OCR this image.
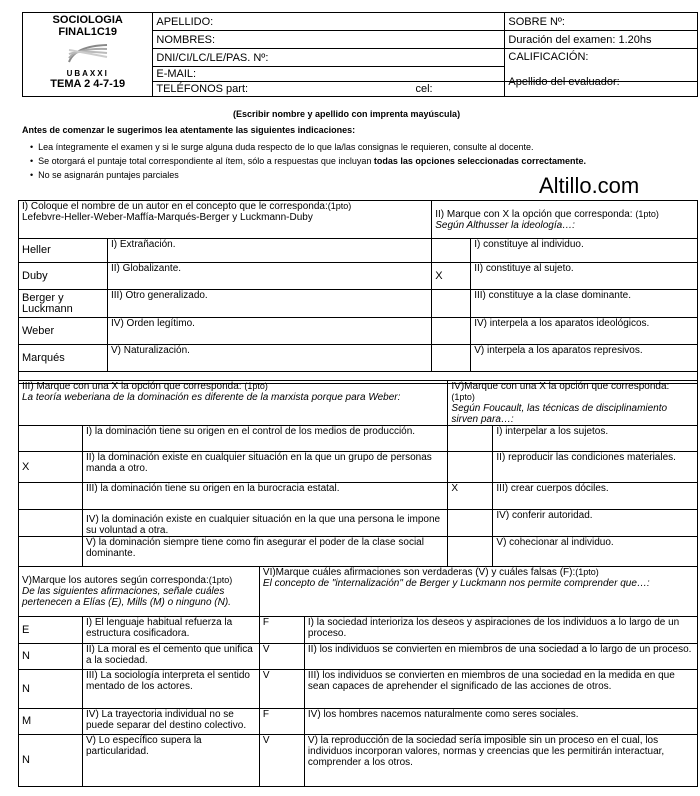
SOCIOLOGIA
FINAL1C19
UBAXXI
TEMA 2 4-7-19	APELLIDO:	SOBRE Nº:
	NOMBRES:	Duración del examen: 1.20hs
	DNI/CI/LC/LE/PAS. Nº:	CALIFICACIÓN:
	E-MAIL:	
	TELÉFONOS part: cel:	Apellido del evaluador:
(Escribir nombre y apellido con imprenta mayúscula)
Antes de comenzar le sugerimos lea atentamente las siguientes indicaciones:
•  Lea íntegramente el examen y si le surge alguna duda respecto de lo que la/las consignas le requieren, consulte al docente.
•  Se otorgará el puntaje total correspondiente al ítem, sólo a respuestas que incluyan todas las opciones seleccionadas correctamente.
•  No se asignarán puntajes parciales	Altillo.com
I) Coloque el nombre de un autor en el concepto que le corresponda:(1pto)
Lefebvre-Heller-Weber-Maffía-Marqués-Berger y Luckmann-Duby		II) Marque con X la opción que corresponda: (1pto)
Según Althusser la ideología…:	
Heller	I) Extrañación.		I) constituye al individuo.
Duby	II) Globalizante.	X	II) constituye al sujeto.
Berger y Luckmann	III) Otro generalizado.		III) constituye a la clase dominante.
Weber	IV) Orden legítimo.		IV) interpela a los aparatos ideológicos.
Marqués	V) Naturalización.		V) interpela a los aparatos represivos.

III) Marque con una X la opción que corresponda: (1pto)
La teoría weberiana de la dominación es diferente de la marxista porque para Weber:		IV)Marque con una X la opción que corresponda: (1pto)
Según Foucault, las técnicas de disciplinamiento sirven para…:	
	I) la dominación tiene su origen en el control de los medios de producción.		I) interpelar a los sujetos.
X	II) la dominación existe en cualquier situación en la que un grupo de personas manda a otro.		II) reproducir las condiciones materiales.
	III) la dominación tiene su origen en la burocracia estatal.	X	III) crear cuerpos dóciles.
	IV) la dominación existe en cualquier situación en la que una persona le impone su voluntad a otra.		IV) conferir autoridad.
	V) la dominación siempre tiene como fin asegurar el poder de la clase social dominante.		V) cohecionar al individuo.
V)Marque los autores según corresponda:(1pto)
De las siguientes afirmaciones, señale cuáles pertenecen a Elías (E), Mills (M) o ninguno (N).		VI)Marque cuáles afirmaciones son verdaderas (V) y cuáles falsas (F):(1pto)
El concepto de "internalización" de Berger y Luckmann nos permite comprender que…:	
E	I) El lenguaje habitual refuerza la estructura cosificadora.	F	I) la sociedad interioriza los deseos y aspiraciones de los individuos a lo largo de un proceso.
N	II) La moral es el cemento que unifica a la sociedad.	V	II) los individuos se convierten en miembros de una sociedad a lo largo de un proceso.
N	III) La sociología interpreta el sentido mentado de los actores.	V	III) los individuos se convierten en miembros de una sociedad en la medida en que sean capaces de aprehender el significado de las acciones de otros.
M	IV) La trayectoria individual no se puede separar del destino colectivo.	F	IV) los hombres nacemos naturalmente como seres sociales.
N	V) Lo específico supera la particularidad.	V	V) la reproducción de la sociedad sería imposible sin un proceso en el cual, los individuos incorporan valores, normas y creencias que les permitirán interactuar, comprender a los otros.
